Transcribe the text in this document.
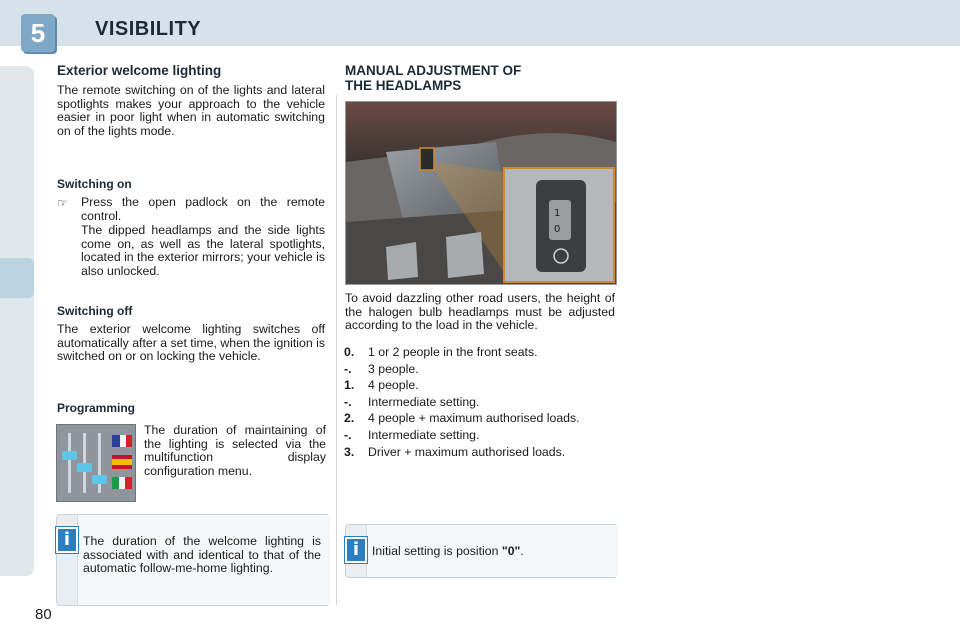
5	VISIBILITY
Exterior welcome lighting
The remote switching on of the lights and lateral spotlights makes your approach to the vehicle easier in poor light when in automatic switching on of the lights mode.
Switching on
☞ Press the open padlock on the remote control.
The dipped headlamps and the side lights come on, as well as the lateral spotlights, located in the exterior mirrors; your vehicle is also unlocked.
Switching off
The exterior welcome lighting switches off automatically after a set time, when the ignition is switched on or on locking the vehicle.
Programming
The duration of maintaining of the lighting is selected via the multifunction display configuration menu.
i	The duration of the welcome lighting is associated with and identical to that of the automatic follow-me-home lighting.
MANUAL ADJUSTMENT OF
THE HEADLAMPS
1
0
To avoid dazzling other road users, the height of the halogen bulb headlamps must be adjusted according to the load in the vehicle.
0.	1 or 2 people in the front seats.
-.	3 people.
1.	4 people.
-.	Intermediate setting.
2.	4 people + maximum authorised loads.
-.	Intermediate setting.
3.	Driver + maximum authorised loads.
i	Initial setting is position "0".
80
